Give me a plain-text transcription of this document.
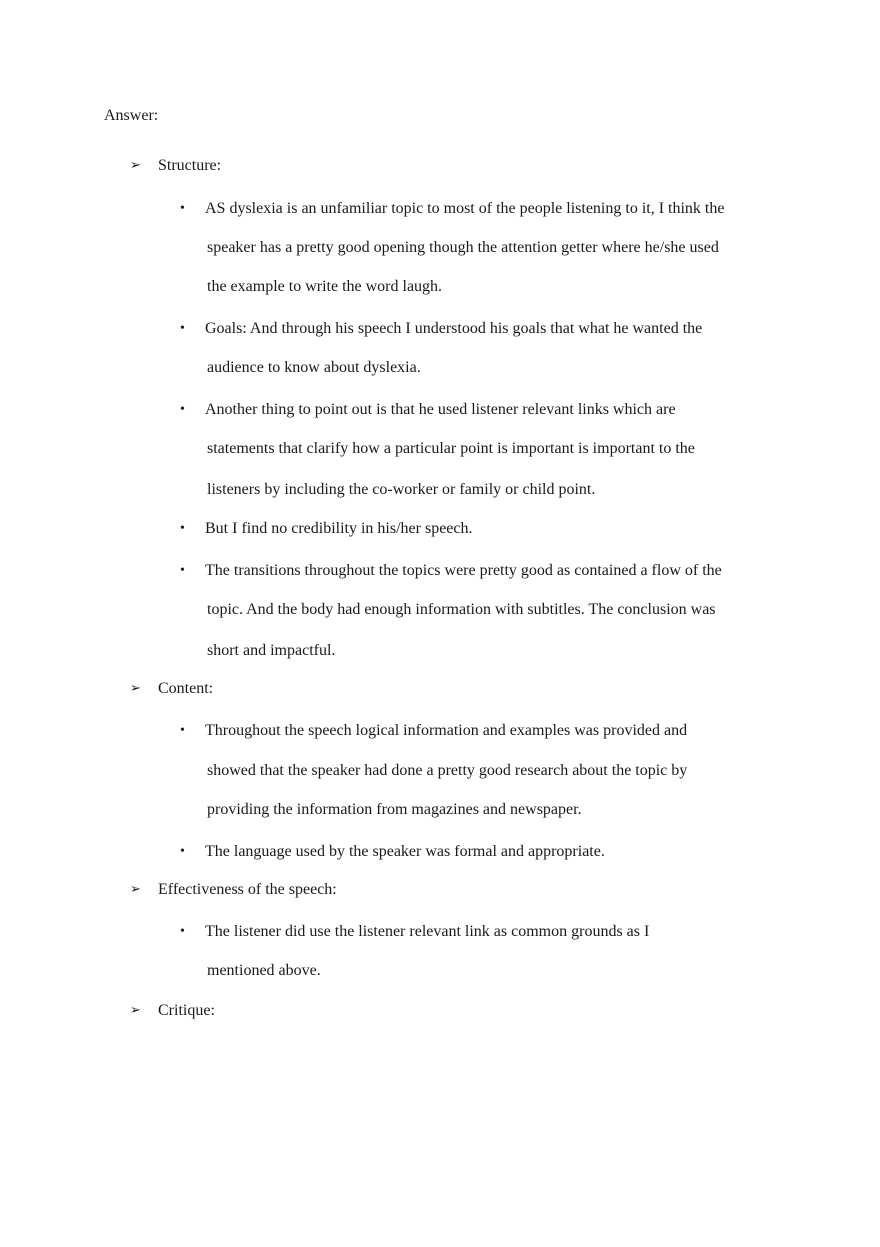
Answer:

➢ Structure:
• AS dyslexia is an unfamiliar topic to most of the people listening to it, I think the
speaker has a pretty good opening though the attention getter where he/she used
the example to write the word laugh.
• Goals: And through his speech I understood his goals that what he wanted the
audience to know about dyslexia.
• Another thing to point out is that he used listener relevant links which are
statements that clarify how a particular point is important is important to the
listeners by including the co-worker or family or child point.
• But I find no credibility in his/her speech.
• The transitions throughout the topics were pretty good as contained a flow of the
topic. And the body had enough information with subtitles. The conclusion was
short and impactful.
➢ Content:
• Throughout the speech logical information and examples was provided and
showed that the speaker had done a pretty good research about the topic by
providing the information from magazines and newspaper.
• The language used by the speaker was formal and appropriate.
➢ Effectiveness of the speech:
• The listener did use the listener relevant link as common grounds as I
mentioned above.
➢ Critique:
